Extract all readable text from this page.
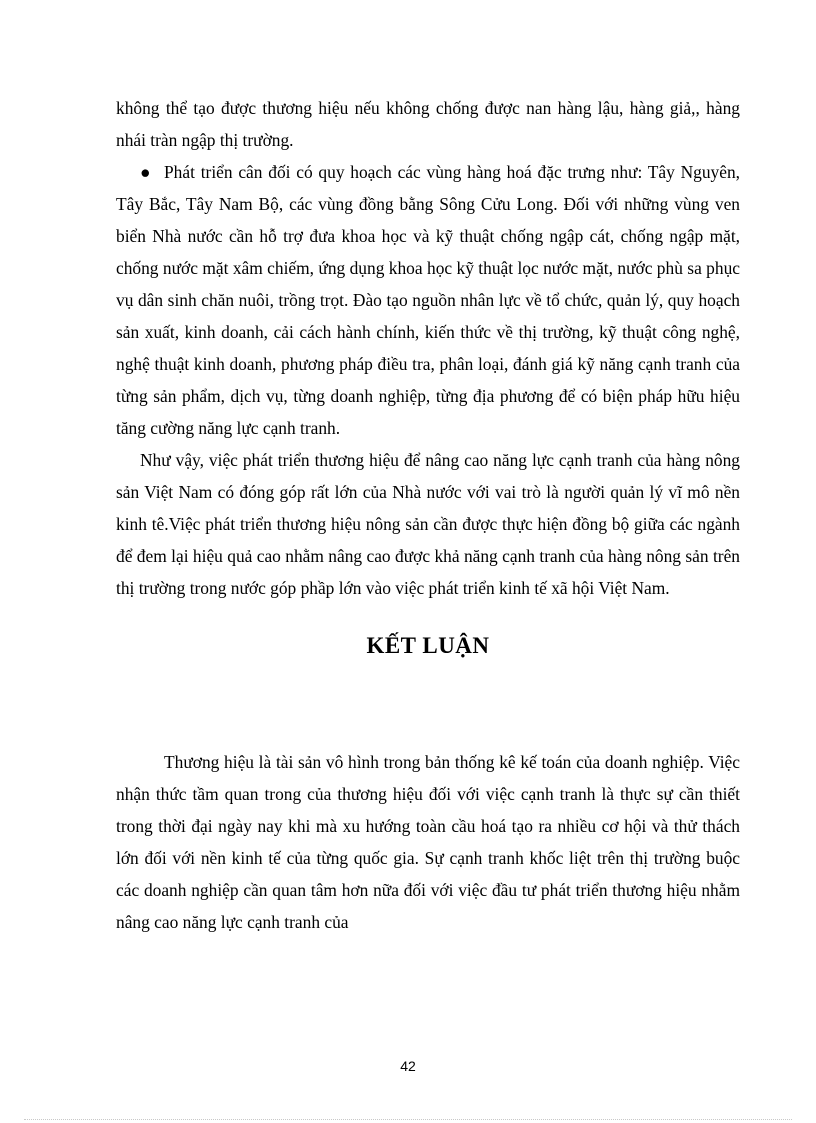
không thể tạo được thương hiệu nếu không chống được nan hàng lậu, hàng giả,, hàng nhái tràn ngập thị trường.

● Phát triển cân đối có quy hoạch các vùng hàng hoá đặc trưng như: Tây Nguyên, Tây Bắc, Tây Nam Bộ, các vùng đồng bằng Sông Cửu Long. Đối với những vùng ven biển Nhà nước cần hỗ trợ đưa khoa học và kỹ thuật chống ngập cát, chống ngập mặt, chống nước mặt xâm chiếm, ứng dụng khoa học kỹ thuật lọc nước mặt, nước phù sa phục vụ dân sinh chăn nuôi, trồng trọt. Đào tạo nguồn nhân lực về tổ chức, quản lý, quy hoạch sản xuất, kinh doanh, cải cách hành chính, kiến thức về thị trường, kỹ thuật công nghệ, nghệ thuật kinh doanh, phương pháp điều tra, phân loại, đánh giá kỹ năng cạnh tranh của từng sản phẩm, dịch vụ, từng doanh nghiệp, từng địa phương để có biện pháp hữu hiệu tăng cường năng lực cạnh tranh.

Như vậy, việc phát triển thương hiệu để nâng cao năng lực cạnh tranh của hàng nông sản Việt Nam có đóng góp rất lớn của Nhà nước với vai trò là người quản lý vĩ mô nền kinh tê.Việc phát triển thương hiệu nông sản cần được thực hiện đồng bộ giữa các ngành để đem lại hiệu quả cao nhằm nâng cao được khả năng cạnh tranh của hàng nông sản trên thị trường trong nước góp phầp lớn vào việc phát triển kinh tế xã hội Việt Nam.

KẾT LUẬN

Thương hiệu là tài sản vô hình trong bản thống kê kế toán của doanh nghiệp. Việc nhận thức tầm quan trong của thương hiệu đối với việc cạnh tranh là thực sự cần thiết trong thời đại ngày nay khi mà xu hướng toàn cầu hoá tạo ra nhiều cơ hội và thử thách lớn đối với nền kinh tế của từng quốc gia. Sự cạnh tranh khốc liệt trên thị trường buộc các doanh nghiệp cần quan tâm hơn nữa đối với việc đầu tư phát triển thương hiệu nhằm nâng cao năng lực cạnh tranh của

42
